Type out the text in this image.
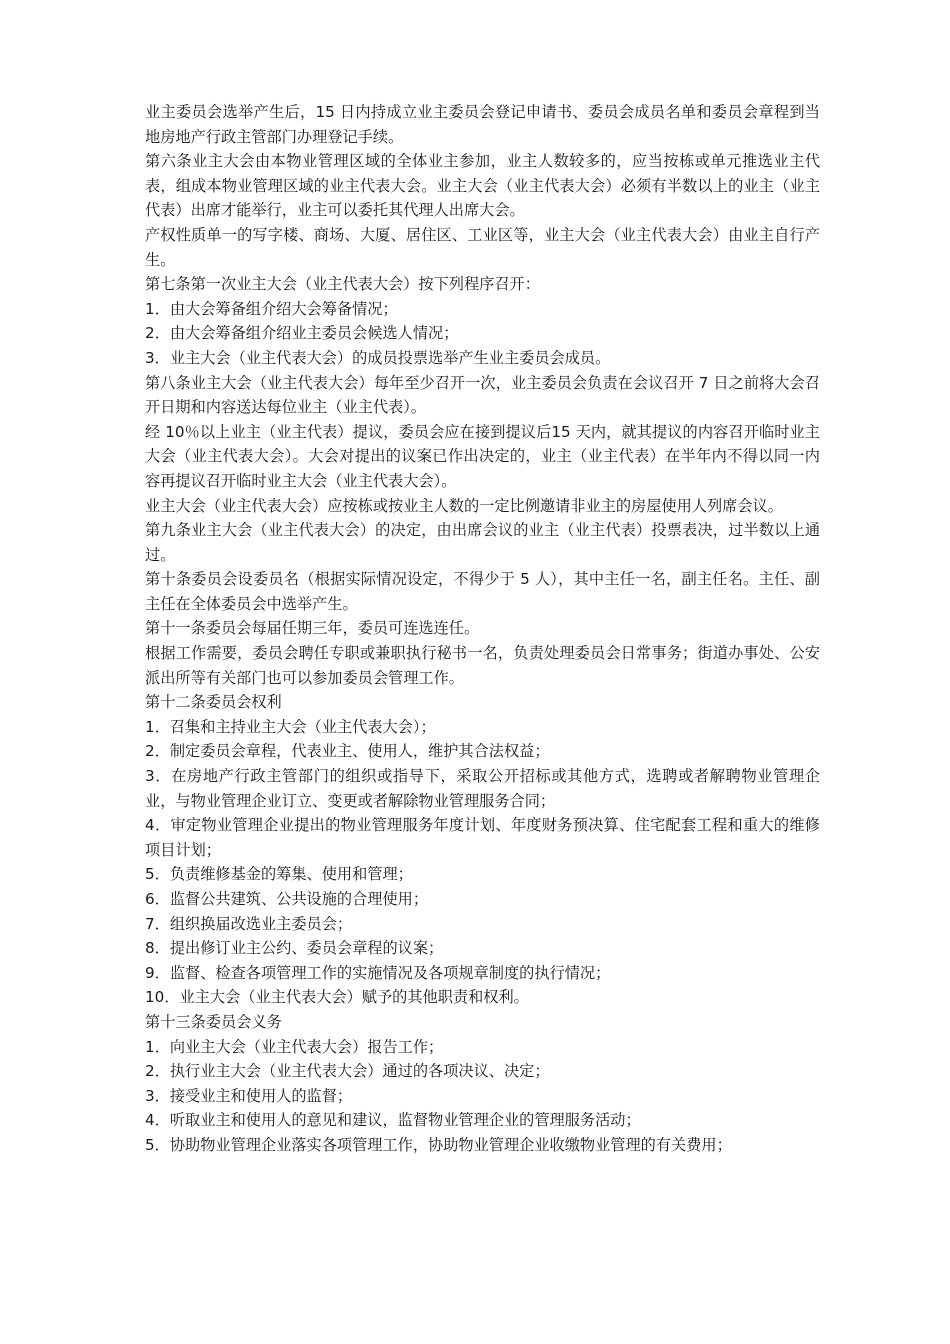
业主委员会选举产生后，15 日内持成立业主委员会登记申请书、委员会成员名单和委员会章程到当地房地产行政主管部门办理登记手续。

第六条业主大会由本物业管理区域的全体业主参加，业主人数较多的，应当按栋或单元推选业主代表，组成本物业管理区域的业主代表大会。业主大会（业主代表大会）必须有半数以上的业主（业主代表）出席才能举行，业主可以委托其代理人出席大会。

产权性质单一的写字楼、商场、大厦、居住区、工业区等，业主大会（业主代表大会）由业主自行产生。

第七条第一次业主大会（业主代表大会）按下列程序召开：

1．由大会筹备组介绍大会筹备情况；

2．由大会筹备组介绍业主委员会候选人情况；

3．业主大会（业主代表大会）的成员投票选举产生业主委员会成员。

第八条业主大会（业主代表大会）每年至少召开一次，业主委员会负责在会议召开 7 日之前将大会召开日期和内容送达每位业主（业主代表）。

经 10％以上业主（业主代表）提议，委员会应在接到提议后15 天内，就其提议的内容召开临时业主大会（业主代表大会）。大会对提出的议案已作出决定的，业主（业主代表）在半年内不得以同一内容再提议召开临时业主大会（业主代表大会）。

业主大会（业主代表大会）应按栋或按业主人数的一定比例邀请非业主的房屋使用人列席会议。

第九条业主大会（业主代表大会）的决定，由出席会议的业主（业主代表）投票表决，过半数以上通过。

第十条委员会设委员名（根据实际情况设定，不得少于 5 人），其中主任一名，副主任名。主任、副主任在全体委员会中选举产生。

第十一条委员会每届任期三年，委员可连选连任。

根据工作需要，委员会聘任专职或兼职执行秘书一名，负责处理委员会日常事务；街道办事处、公安派出所等有关部门也可以参加委员会管理工作。

第十二条委员会权利

1．召集和主持业主大会（业主代表大会）；

2．制定委员会章程，代表业主、使用人，维护其合法权益；

3．在房地产行政主管部门的组织或指导下，采取公开招标或其他方式，选聘或者解聘物业管理企业，与物业管理企业订立、变更或者解除物业管理服务合同；

4．审定物业管理企业提出的物业管理服务年度计划、年度财务预决算、住宅配套工程和重大的维修项目计划；

5．负责维修基金的筹集、使用和管理；

6．监督公共建筑、公共设施的合理使用；

7．组织换届改选业主委员会；

8．提出修订业主公约、委员会章程的议案；

9．监督、检查各项管理工作的实施情况及各项规章制度的执行情况；

10．业主大会（业主代表大会）赋予的其他职责和权利。

第十三条委员会义务

1．向业主大会（业主代表大会）报告工作；

2．执行业主大会（业主代表大会）通过的各项决议、决定；

3．接受业主和使用人的监督；

4．听取业主和使用人的意见和建议，监督物业管理企业的管理服务活动；

5．协助物业管理企业落实各项管理工作，协助物业管理企业收缴物业管理的有关费用；
